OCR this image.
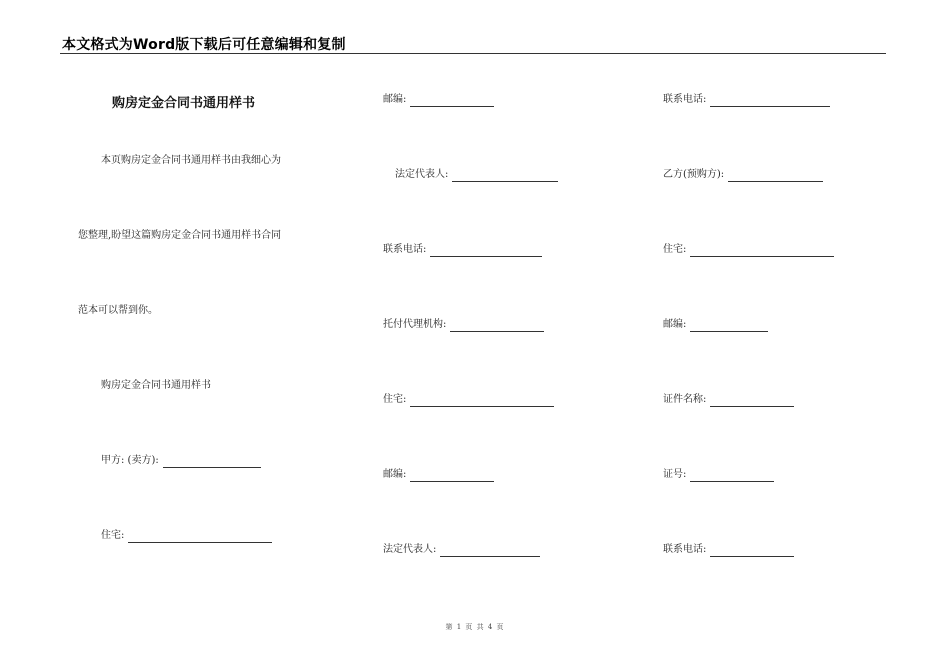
本文格式为Word版下载后可任意编辑和复制
购房定金合同书通用样书
本页购房定金合同书通用样书由我细心为
您整理,盼望这篇购房定金合同书通用样书合同
范本可以帮到你。
购房定金合同书通用样书
甲方: (卖方):
住宅:
邮编:
法定代表人:
联系电话:
托付代理机构:
住宅:
邮编:
法定代表人:
联系电话:
乙方(预购方):
住宅:
邮编:
证件名称:
证号:
联系电话:
第 1 页 共 4 页
